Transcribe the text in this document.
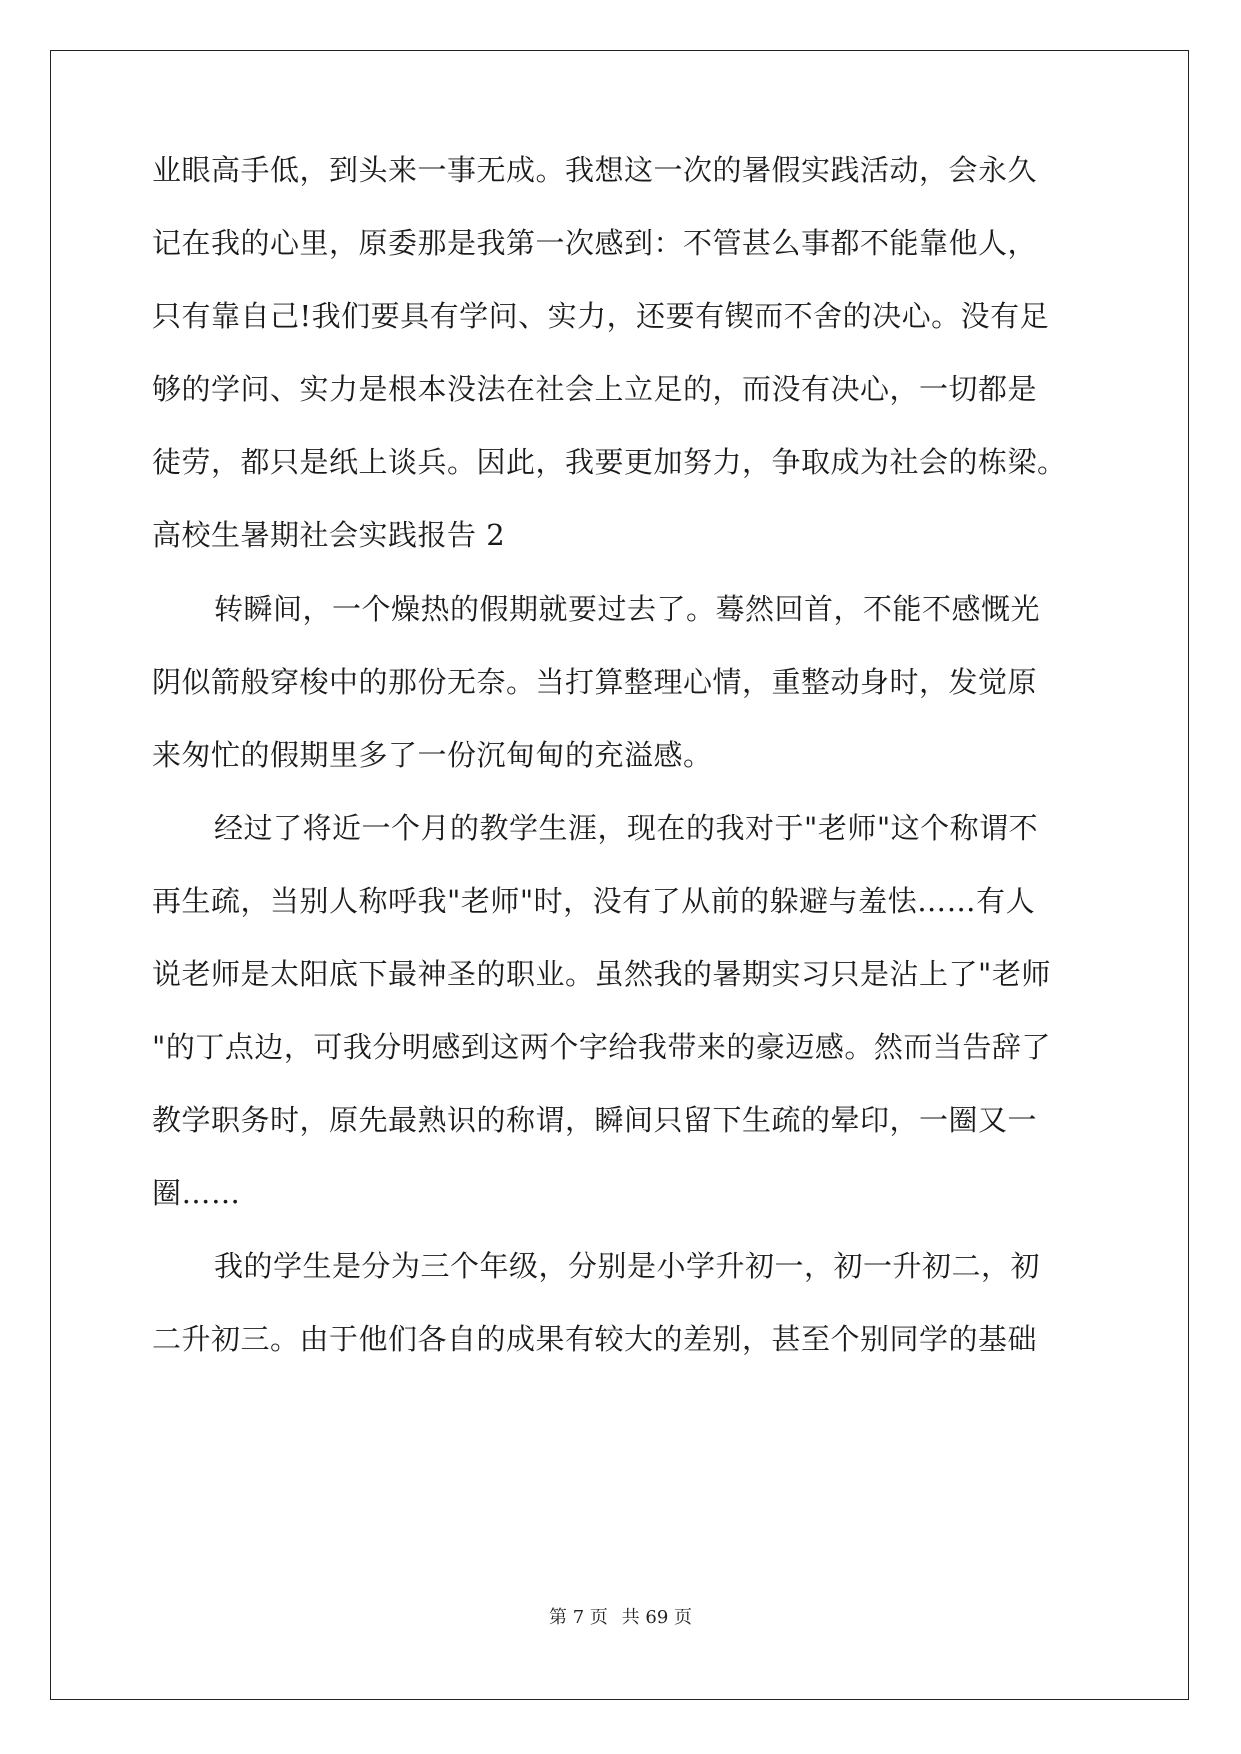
业眼高手低，到头来一事无成。我想这一次的暑假实践活动，会永久
记在我的心里，原委那是我第一次感到：不管甚么事都不能靠他人，
只有靠自己!我们要具有学问、实力，还要有锲而不舍的决心。没有足
够的学问、实力是根本没法在社会上立足的，而没有决心，一切都是
徒劳，都只是纸上谈兵。因此，我要更加努力，争取成为社会的栋梁。
高校生暑期社会实践报告 2
转瞬间，一个燥热的假期就要过去了。蓦然回首，不能不感慨光
阴似箭般穿梭中的那份无奈。当打算整理心情，重整动身时，发觉原
来匆忙的假期里多了一份沉甸甸的充溢感。
经过了将近一个月的教学生涯，现在的我对于"老师"这个称谓不
再生疏，当别人称呼我"老师"时，没有了从前的躲避与羞怯……有人
说老师是太阳底下最神圣的职业。虽然我的暑期实习只是沾上了"老师
"的丁点边，可我分明感到这两个字给我带来的豪迈感。然而当告辞了
教学职务时，原先最熟识的称谓，瞬间只留下生疏的晕印，一圈又一
圈……
我的学生是分为三个年级，分别是小学升初一，初一升初二，初
二升初三。由于他们各自的成果有较大的差别，甚至个别同学的基础
第 7 页 共 69 页
